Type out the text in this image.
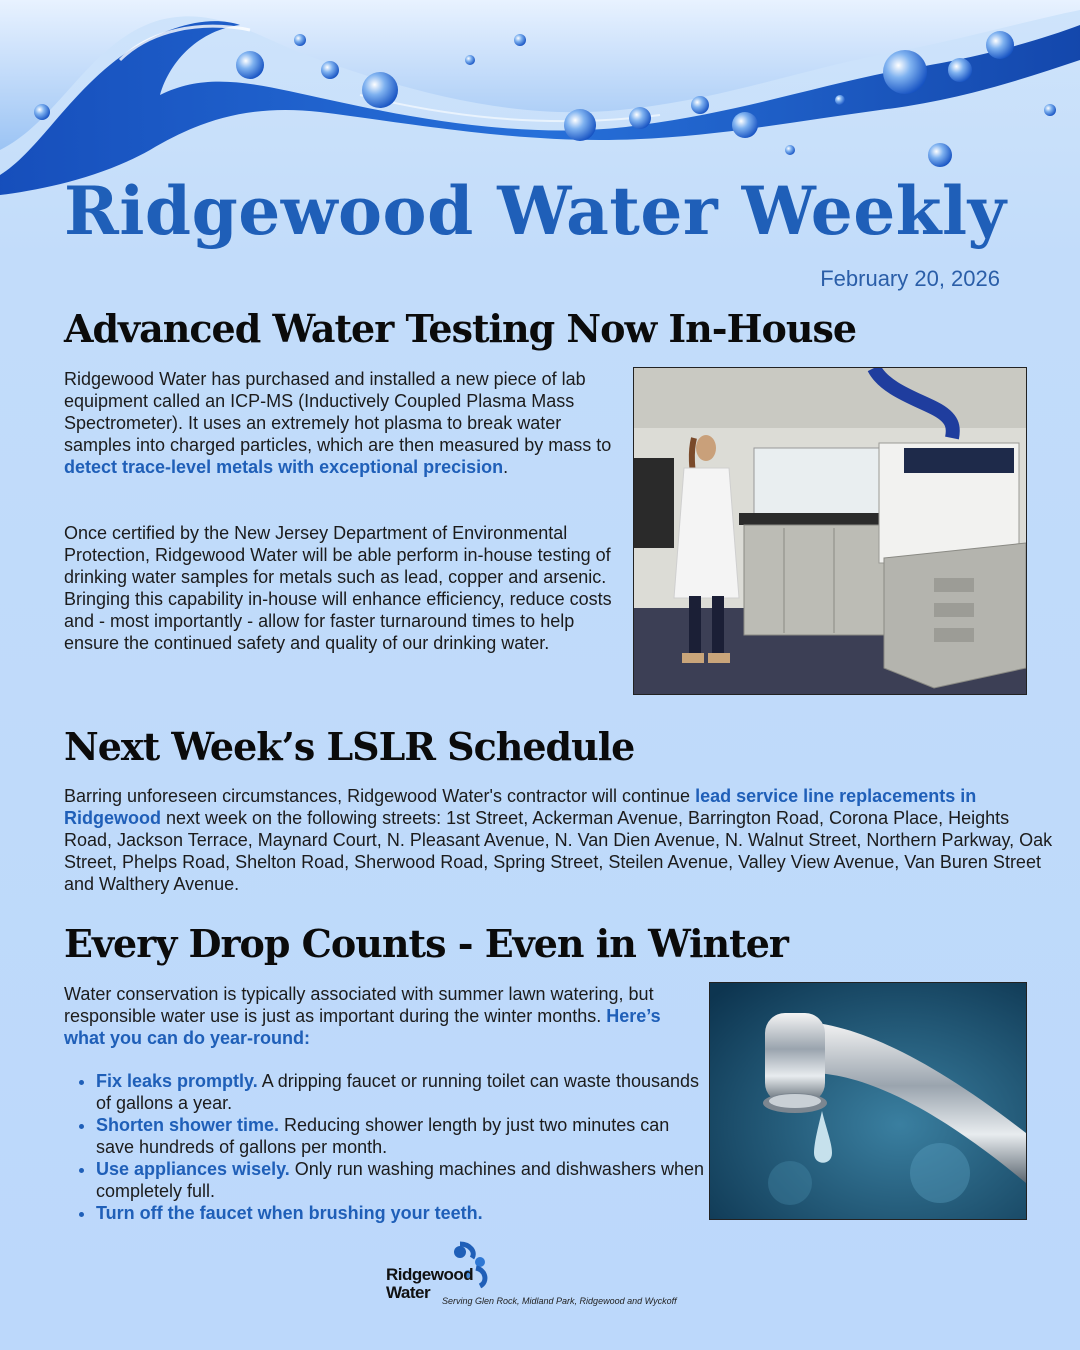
Ridgewood Water Weekly
February 20, 2026
Advanced Water Testing Now In-House

Ridgewood Water has purchased and installed a new piece of lab equipment called an ICP-MS (Inductively Coupled Plasma Mass Spectrometer). It uses an extremely hot plasma to break water samples into charged particles, which are then measured by mass to detect trace-level metals with exceptional precision.

Once certified by the New Jersey Department of Environmental Protection, Ridgewood Water will be able perform in-house testing of drinking water samples for metals such as lead, copper and arsenic. Bringing this capability in-house will enhance efficiency, reduce costs and - most importantly - allow for faster turnaround times to help ensure the continued safety and quality of our drinking water.

Next Week’s LSLR Schedule

Barring unforeseen circumstances, Ridgewood Water's contractor will continue lead service line replacements in Ridgewood next week on the following streets: 1st Street, Ackerman Avenue, Barrington Road, Corona Place, Heights Road, Jackson Terrace, Maynard Court, N. Pleasant Avenue, N. Van Dien Avenue, N. Walnut Street, Northern Parkway, Oak Street, Phelps Road, Shelton Road, Sherwood Road, Spring Street, Steilen Avenue, Valley View Avenue, Van Buren Street and Walthery Avenue.

Every Drop Counts - Even in Winter

Water conservation is typically associated with summer lawn watering, but responsible water use is just as important during the winter months. Here’s what you can do year-round:

• Fix leaks promptly. A dripping faucet or running toilet can waste thousands of gallons a year.
• Shorten shower time. Reducing shower length by just two minutes can save hundreds of gallons per month.
• Use appliances wisely. Only run washing machines and dishwashers when completely full.
• Turn off the faucet when brushing your teeth.
Ridgewood
Water	Serving Glen Rock, Midland Park, Ridgewood and Wyckoff
